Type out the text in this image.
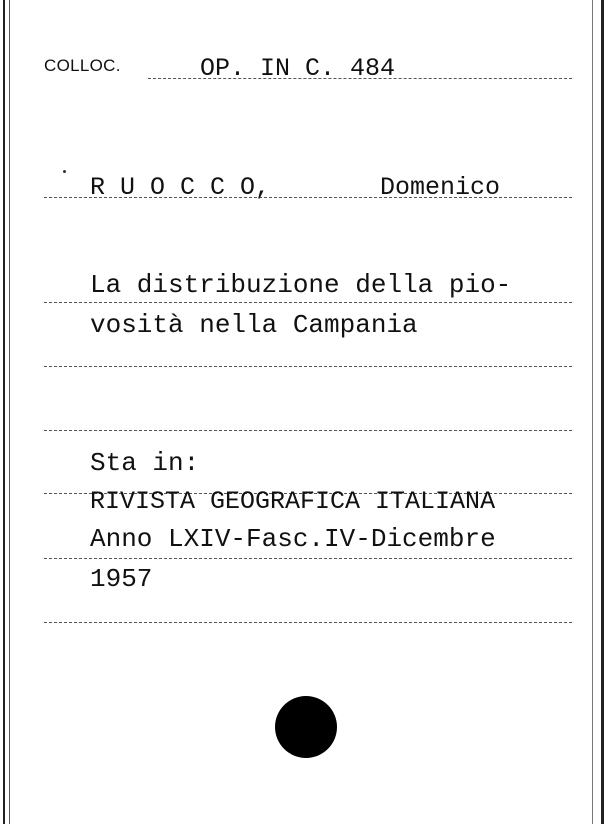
COLLOC.	OP. IN C. 484
R U O C C O,	Domenico
La distribuzione della pio-
vosità nella Campania
Sta in:
RIVISTA GEOGRAFICA ITALIANA
Anno LXIV-Fasc.IV-Dicembre
1957
